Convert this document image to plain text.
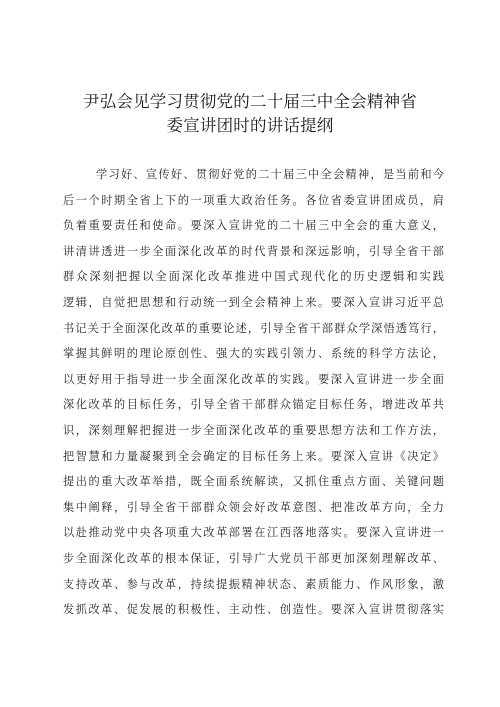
尹弘会见学习贯彻党的二十届三中全会精神省
委宣讲团时的讲话提纲
学习好、宣传好、贯彻好党的二十届三中全会精神，是当前和今
后一个时期全省上下的一项重大政治任务。各位省委宣讲团成员，肩
负着重要责任和使命。要深入宣讲党的二十届三中全会的重大意义，
讲清讲透进一步全面深化改革的时代背景和深远影响，引导全省干部
群众深刻把握以全面深化改革推进中国式现代化的历史逻辑和实践
逻辑，自觉把思想和行动统一到全会精神上来。要深入宣讲习近平总
书记关于全面深化改革的重要论述，引导全省干部群众学深悟透笃行，
掌握其鲜明的理论原创性、强大的实践引领力、系统的科学方法论，
以更好用于指导进一步全面深化改革的实践。要深入宣讲进一步全面
深化改革的目标任务，引导全省干部群众锚定目标任务，增进改革共
识，深刻理解把握进一步全面深化改革的重要思想方法和工作方法，
把智慧和力量凝聚到全会确定的目标任务上来。要深入宣讲《决定》
提出的重大改革举措，既全面系统解读，又抓住重点方面、关键问题
集中阐释，引导全省干部群众领会好改革意图、把准改革方向，全力
以赴推动党中央各项重大改革部署在江西落地落实。要深入宣讲进一
步全面深化改革的根本保证，引导广大党员干部更加深刻理解改革、
支持改革、参与改革，持续提振精神状态、素质能力、作风形象，激
发抓改革、促发展的积极性、主动性、创造性。要深入宣讲贯彻落实
